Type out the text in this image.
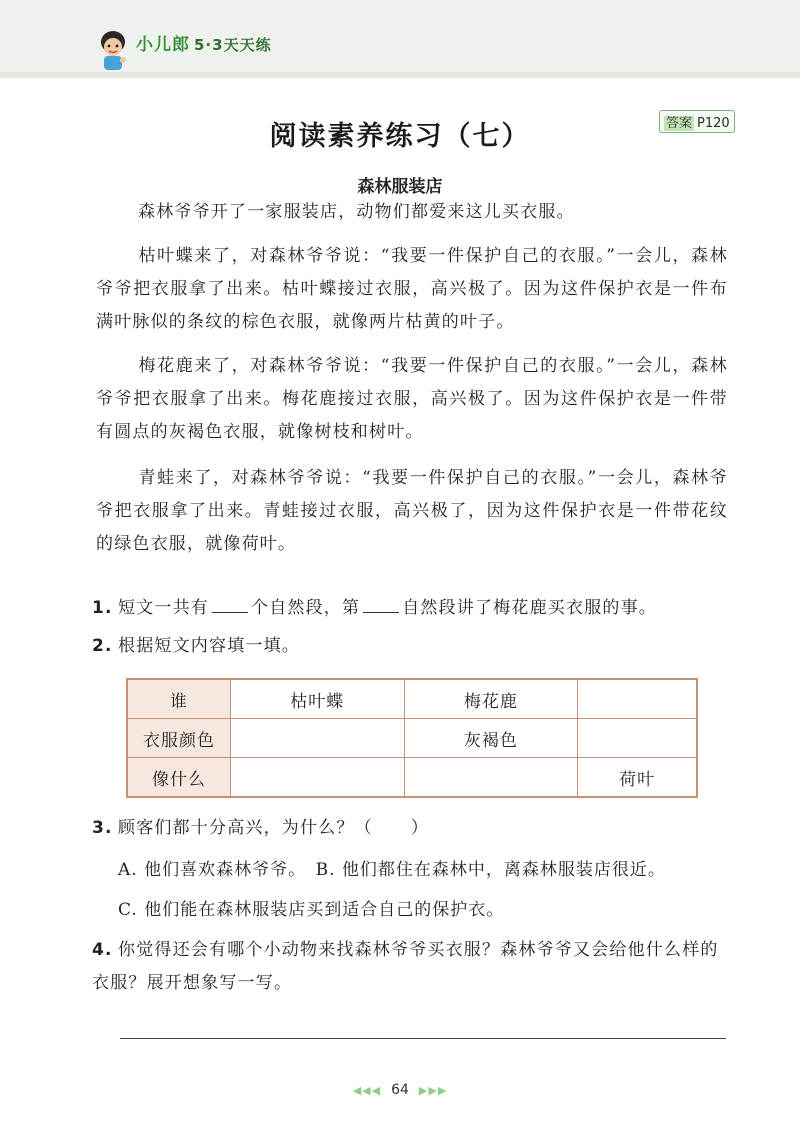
小儿郎 5·3天天练
阅读素养练习（七）	答案 P120
森林服装店
森林爷爷开了一家服装店，动物们都爱来这儿买衣服。
枯叶蝶来了，对森林爷爷说：“我要一件保护自己的衣服。”一会儿，森林爷爷把衣服拿了出来。枯叶蝶接过衣服，高兴极了。因为这件保护衣是一件布满叶脉似的条纹的棕色衣服，就像两片枯黄的叶子。
梅花鹿来了，对森林爷爷说：“我要一件保护自己的衣服。”一会儿，森林爷爷把衣服拿了出来。梅花鹿接过衣服，高兴极了。因为这件保护衣是一件带有圆点的灰褐色衣服，就像树枝和树叶。
青蛙来了，对森林爷爷说：“我要一件保护自己的衣服。”一会儿，森林爷爷把衣服拿了出来。青蛙接过衣服，高兴极了，因为这件保护衣是一件带花纹的绿色衣服，就像荷叶。
1. 短文一共有 个自然段，第 自然段讲了梅花鹿买衣服的事。
2. 根据短文内容填一填。
谁	枯叶蝶	梅花鹿	
衣服颜色		灰褐色	
像什么			荷叶
3. 顾客们都十分高兴，为什么？（ ）
A. 他们喜欢森林爷爷。　B. 他们都住在森林中，离森林服装店很近。
C. 他们能在森林服装店买到适合自己的保护衣。
4. 你觉得还会有哪个小动物来找森林爷爷买衣服？森林爷爷又会给他什么样的衣服？展开想象写一写。
◀◀◀ 64 ▶▶▶
